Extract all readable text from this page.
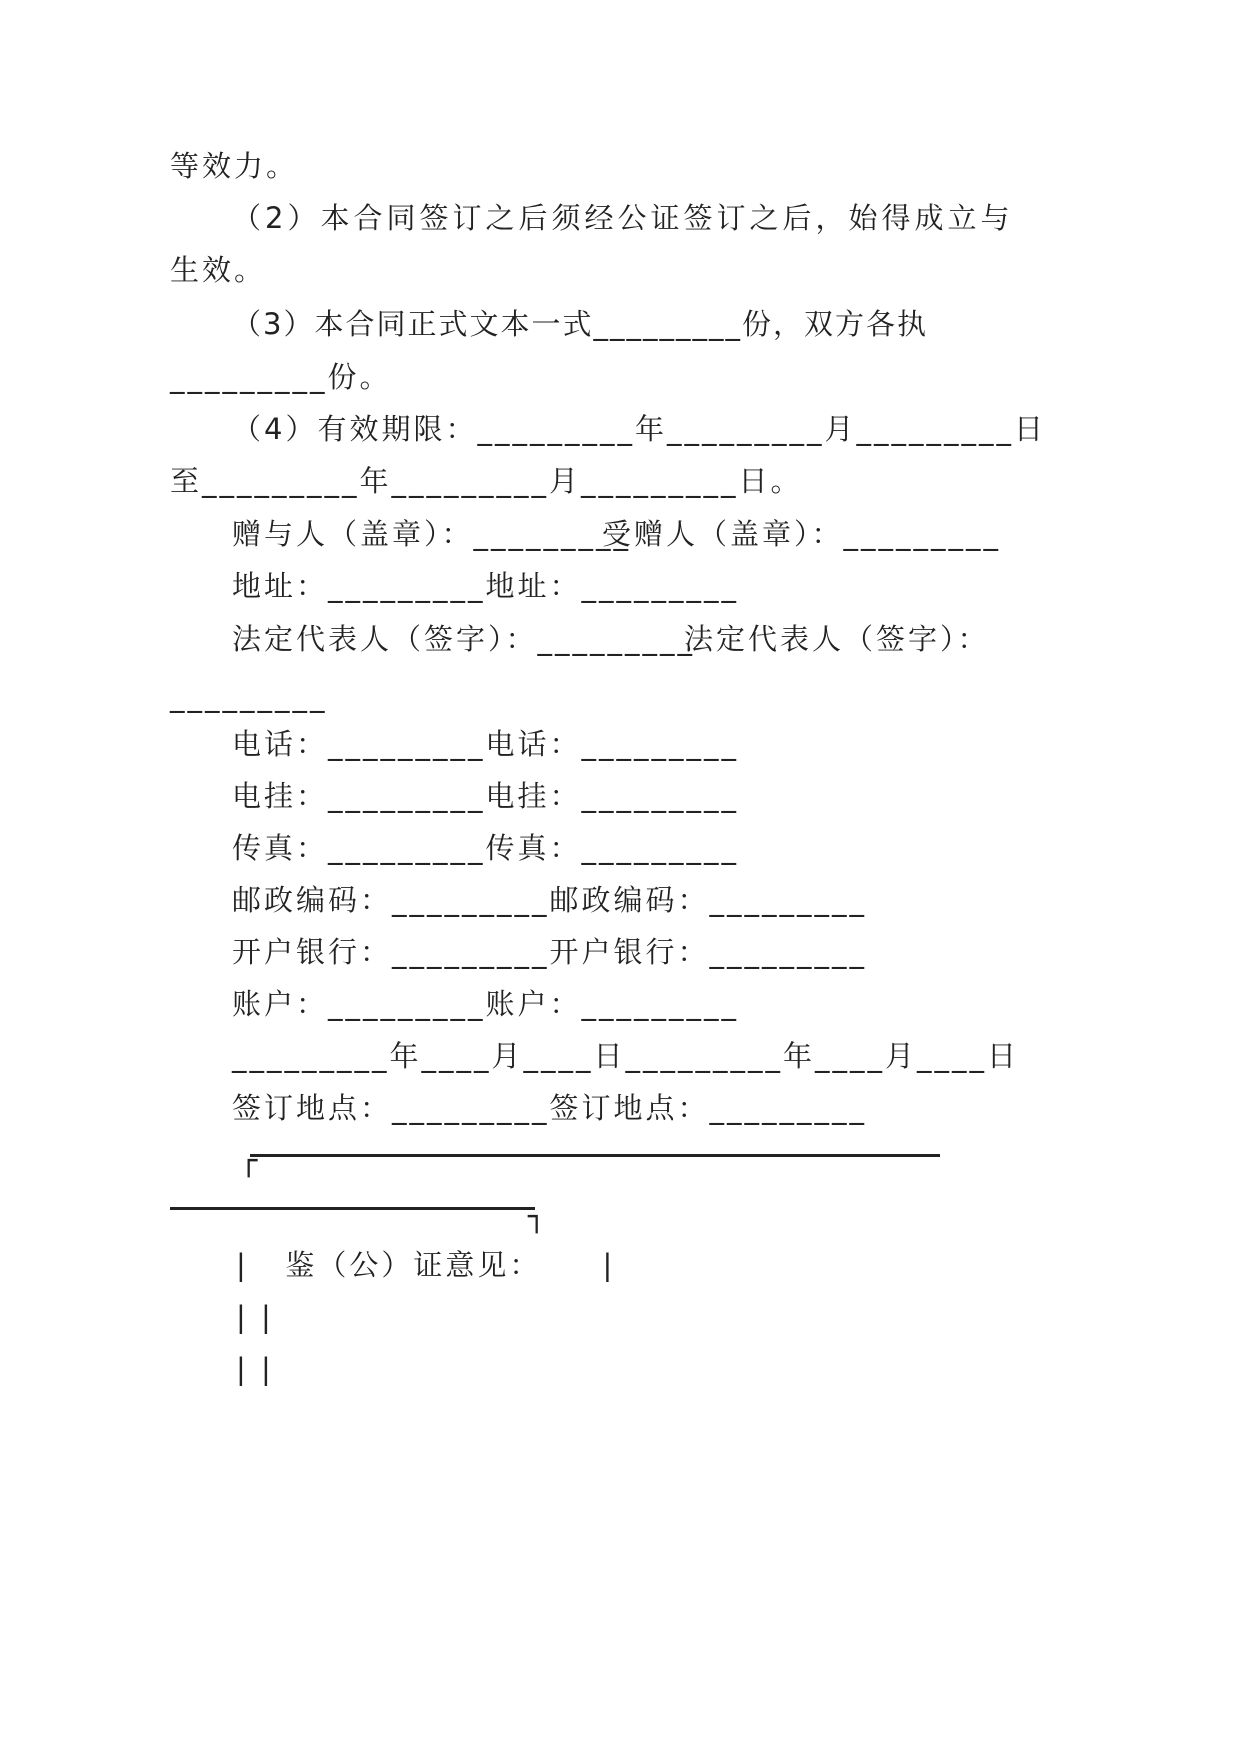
等效力。
（2）本合同签订之后须经公证签订之后，始得成立与
生效。
（3）本合同正式文本一式_________份，双方各执
_________份。
（4）有效期限：_________年_________月_________日
至_________年_________月_________日。
赠与人（盖章）：_________
受赠人（盖章）：_________
地址：_________地址：_________
法定代表人（签字）：_________
法定代表人（签字）：
_________
电话：_________电话：_________
电挂：_________电挂：_________
传真：_________传真：_________
邮政编码：_________邮政编码：_________
开户银行：_________开户银行：_________
账户：_________账户：_________
_________年____月____日_________年____月____日
签订地点：_________签订地点：_________
┌
┐
|   鉴（公）证意见：     |
| |
| |
